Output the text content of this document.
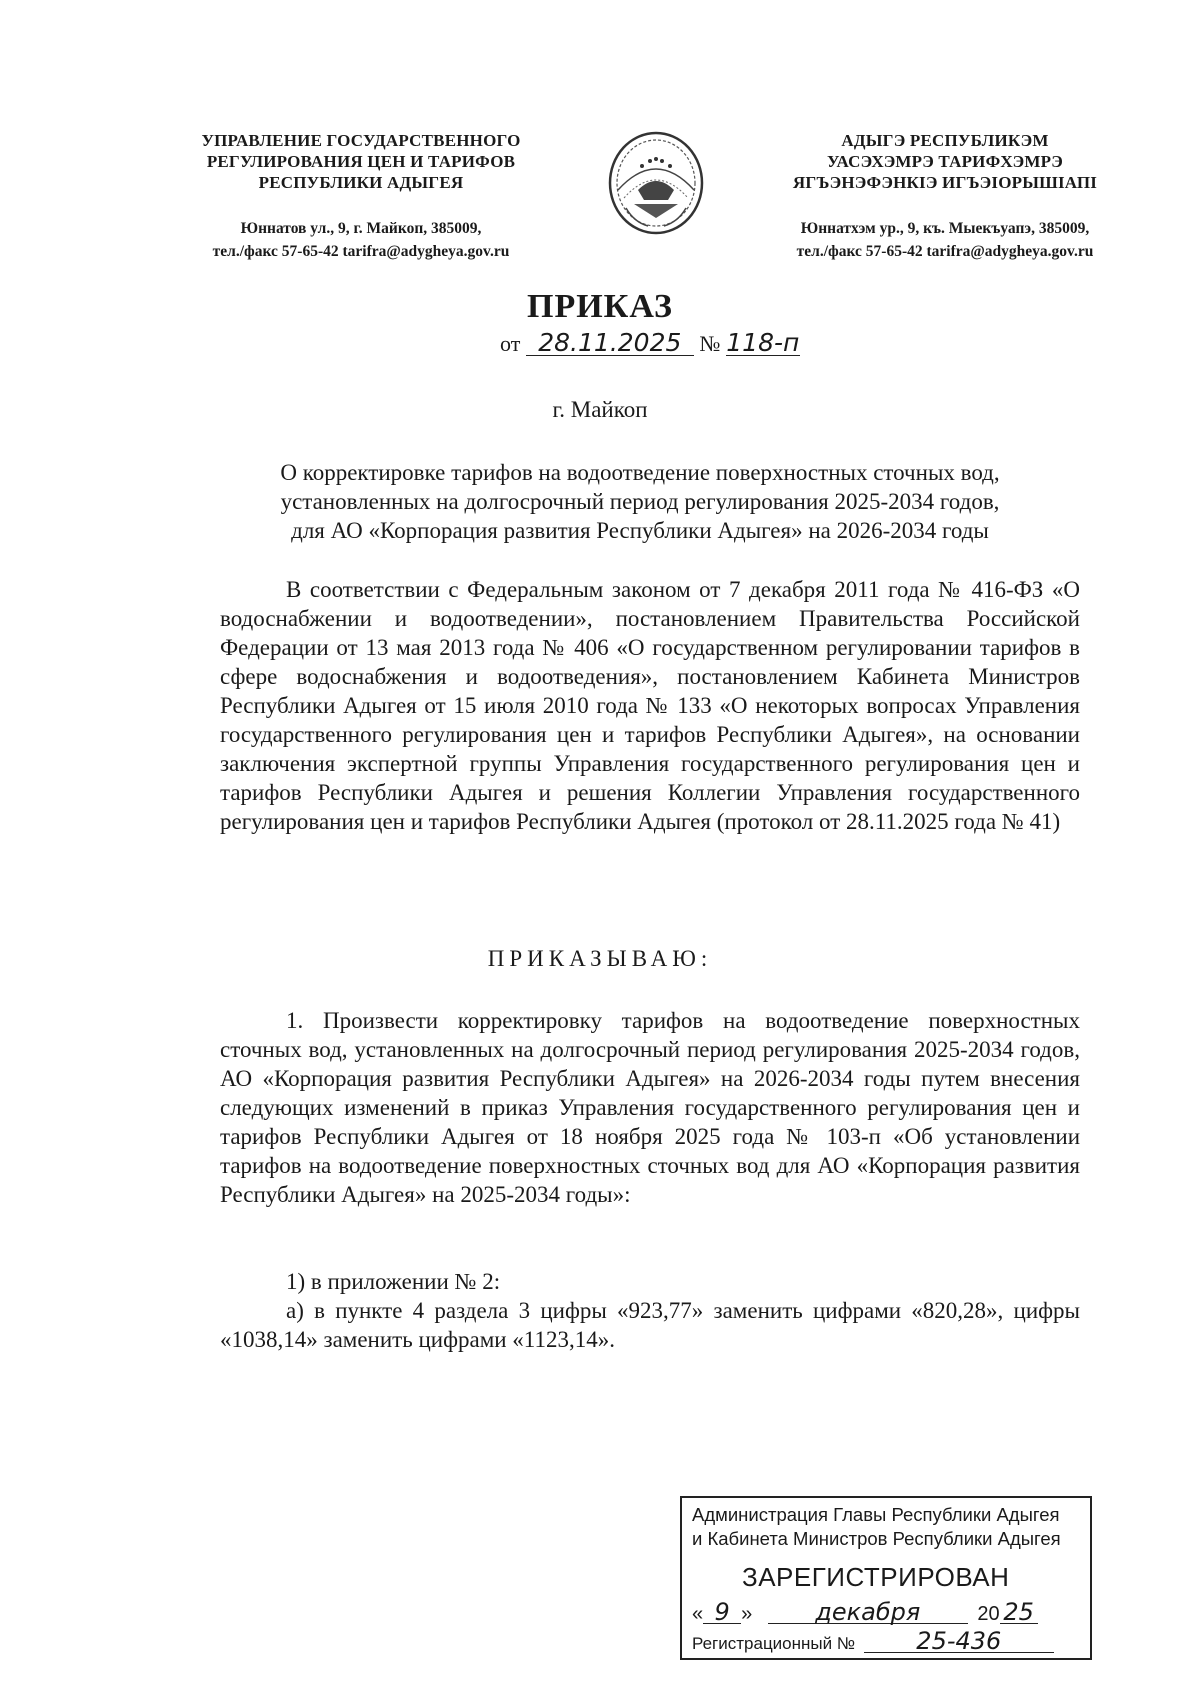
УПРАВЛЕНИЕ ГОСУДАРСТВЕННОГО
РЕГУЛИРОВАНИЯ ЦЕН И ТАРИФОВ
РЕСПУБЛИКИ АДЫГЕЯ
Юннатов ул., 9, г. Майкоп, 385009,
тел./факс 57-65-42 tarifra@adygheya.gov.ru
АДЫГЭ РЕСПУБЛИКЭМ
УАСЭХЭМРЭ ТАРИФХЭМРЭ
ЯГЪЭНЭФЭНКIЭ ИГЪЭIОРЫШIАПI
Юннатхэм ур., 9, къ. Мыекъуапэ, 385009,
тел./факс 57-65-42 tarifra@adygheya.gov.ru
ПРИКАЗ
от 28.11.2025 № 118-п
г. Майкоп
О корректировке тарифов на водоотведение поверхностных сточных вод,
установленных на долгосрочный период регулирования 2025-2034 годов,
для АО «Корпорация развития Республики Адыгея» на 2026-2034 годы
В соответствии с Федеральным законом от 7 декабря 2011 года № 416-ФЗ «О водоснабжении и водоотведении», постановлением Правительства Российской Федерации от 13 мая 2013 года № 406 «О государственном регулировании тарифов в сфере водоснабжения и водоотведения», постановлением Кабинета Министров Республики Адыгея от 15 июля 2010 года № 133 «О некоторых вопросах Управления государственного регулирования цен и тарифов Республики Адыгея», на основании заключения экспертной группы Управления государственного регулирования цен и тарифов Республики Адыгея и решения Коллегии Управления государственного регулирования цен и тарифов Республики Адыгея (протокол от 28.11.2025 года № 41)
ПРИКАЗЫВАЮ:
1. Произвести корректировку тарифов на водоотведение поверхностных сточных вод, установленных на долгосрочный период регулирования 2025-2034 годов, АО «Корпорация развития Республики Адыгея» на 2026-2034 годы путем внесения следующих изменений в приказ Управления государственного регулирования цен и тарифов Республики Адыгея от 18 ноября 2025 года № 103-п «Об установлении тарифов на водоотведение поверхностных сточных вод для АО «Корпорация развития Республики Адыгея» на 2025-2034 годы»:
1) в приложении № 2:
а) в пункте 4 раздела 3 цифры «923,77» заменить цифрами «820,28», цифры «1038,14» заменить цифрами «1123,14».
Администрация Главы Республики Адыгея
и Кабинета Министров Республики Адыгея
ЗАРЕГИСТРИРОВАН
« 9 »	декабря	20 25
Регистрационный №	25-436
